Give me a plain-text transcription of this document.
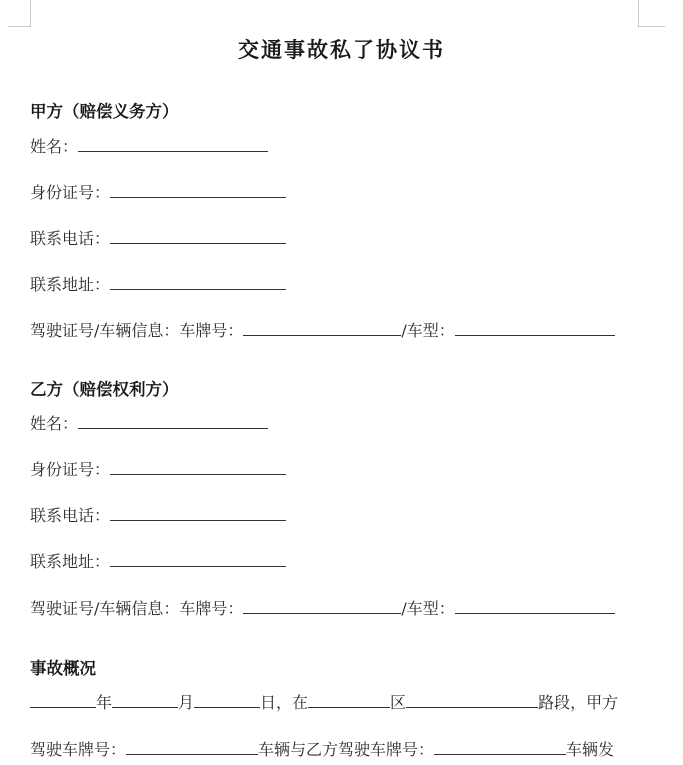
交通事故私了协议书
甲方（赔偿义务方）
姓名：
身份证号：
联系电话：
联系地址：
驾驶证号/车辆信息：车牌号：	/车型：
乙方（赔偿权利方）
姓名：
身份证号：
联系电话：
联系地址：
驾驶证号/车辆信息：车牌号：	/车型：
事故概况
年	月	日，在	区	路段，甲方
驾驶车牌号：	车辆与乙方驾驶车牌号：	车辆发
